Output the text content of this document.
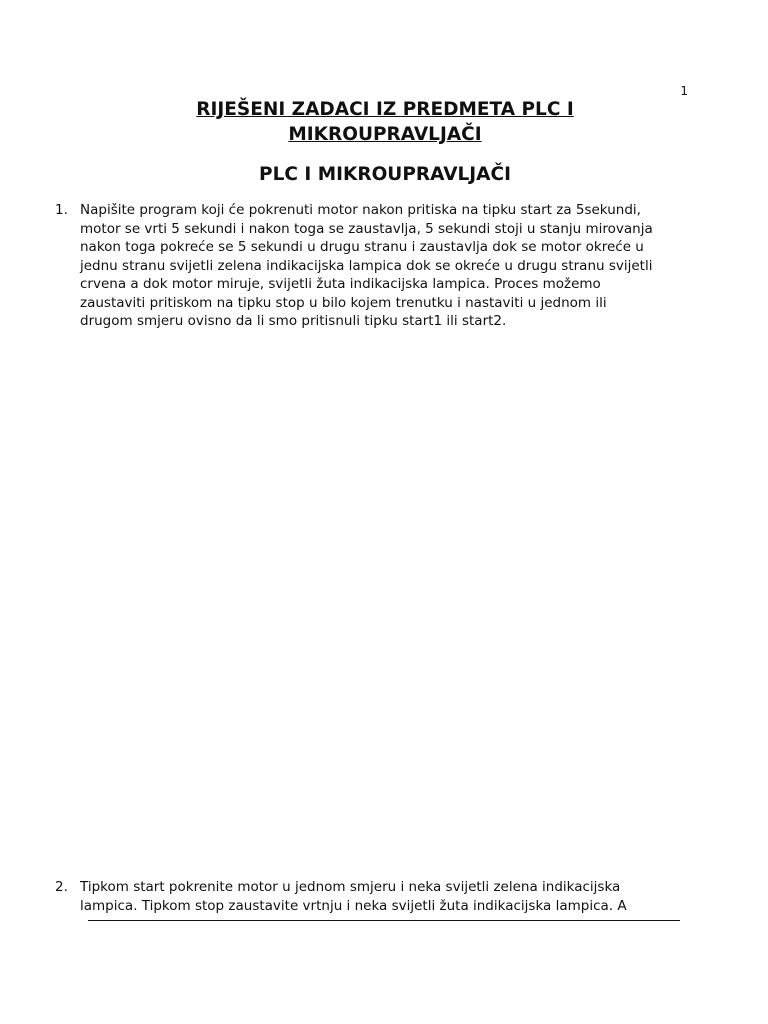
1
RIJEŠENI ZADACI IZ PREDMETA PLC I
MIKROUPRAVLJAČI
PLC I MIKROUPRAVLJAČI
1. Napišite program koji će pokrenuti motor nakon pritiska na tipku start za 5sekundi,
motor se vrti 5 sekundi i nakon toga se zaustavlja, 5 sekundi stoji u stanju mirovanja
nakon toga pokreće se 5 sekundi u drugu stranu i zaustavlja dok se motor okreće u
jednu stranu svijetli zelena indikacijska lampica dok se okreće u drugu stranu svijetli
crvena a dok motor miruje, svijetli žuta indikacijska lampica. Proces možemo
zaustaviti pritiskom na tipku stop u bilo kojem trenutku i nastaviti u jednom ili
drugom smjeru ovisno da li smo pritisnuli tipku start1 ili start2.
2. Tipkom start pokrenite motor u jednom smjeru i neka svijetli zelena indikacijska
lampica. Tipkom stop zaustavite vrtnju i neka svijetli žuta indikacijska lampica. A
